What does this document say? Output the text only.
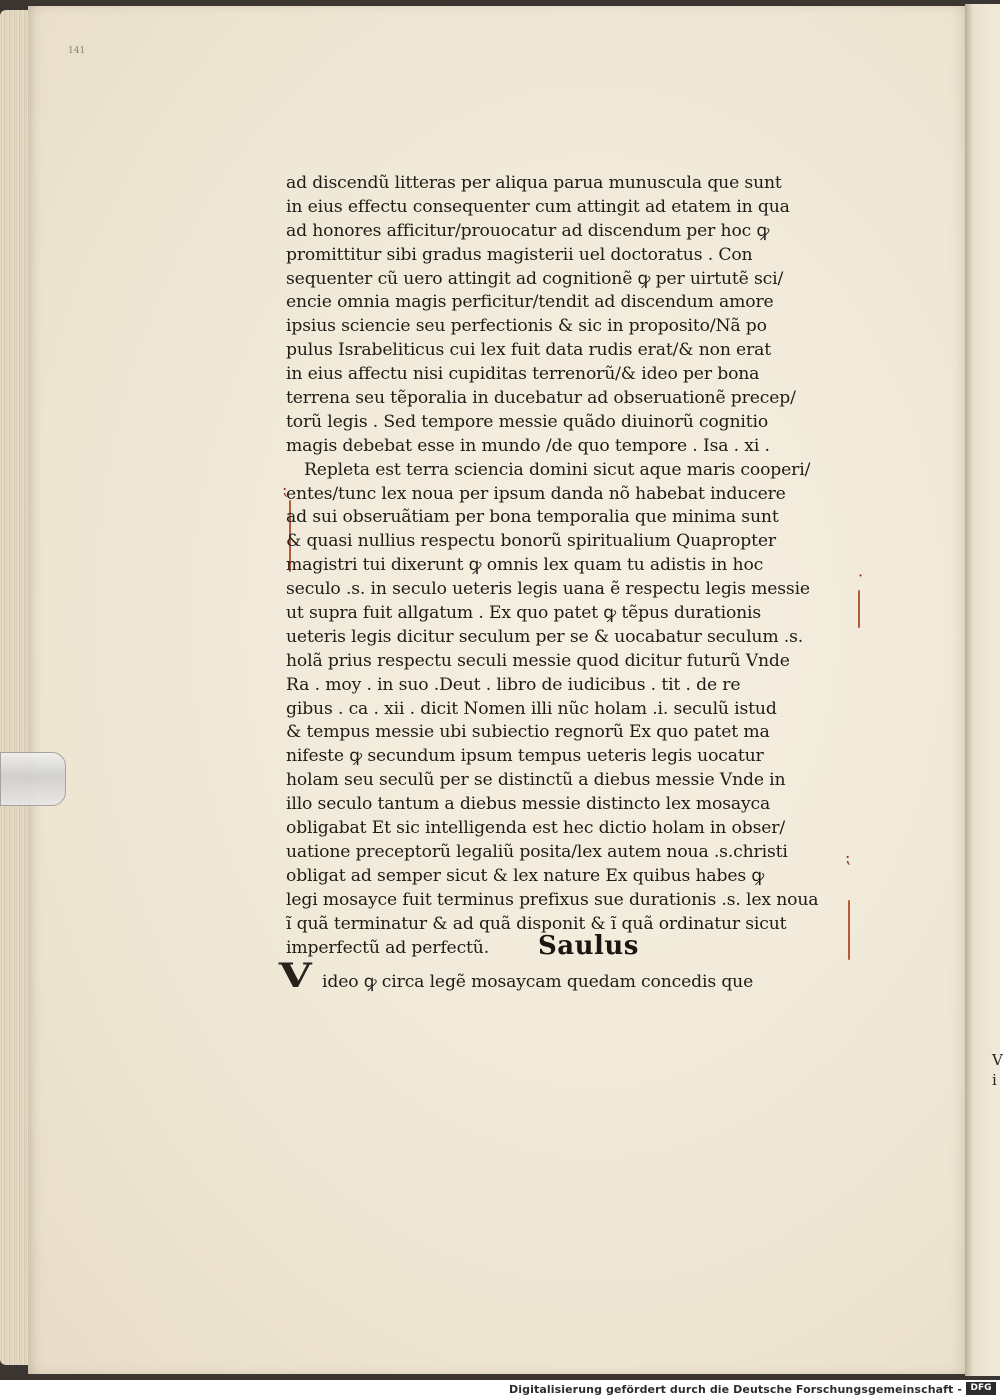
141
V
i
⁏
·
⁏
ad discendũ litteras per aliqua parua munuscula que sunt
in eius effectu consequenter cum attingit ad etatem in qua
ad honores afficitur/prouocatur ad discendum per hoc ꝙ
promittitur sibi gradus magisterii uel doctoratus . Con
sequenter cũ uero attingit ad cognitionẽ ꝙ per uirtutẽ sci/
encie omnia magis perficitur/tendit ad discendum amore
ipsius sciencie seu perfectionis & sic in proposito/Nã po
pulus Israbeliticus cui lex fuit data rudis erat/& non erat
in eius affectu nisi cupiditas terrenorũ/& ideo per bona
terrena seu tẽporalia in ducebatur ad obseruationẽ precep/
torũ legis . Sed tempore messie quãdo diuinorũ cognitio
magis debebat esse in mundo /de quo tempore . Isa . xi .
Repleta est terra sciencia domini sicut aque maris cooperi/
entes/tunc lex noua per ipsum danda nõ habebat inducere
ad sui obseruãtiam per bona temporalia que minima sunt
& quasi nullius respectu bonorũ spiritualium Quapropter
magistri tui dixerunt ꝙ omnis lex quam tu adistis in hoc
seculo .s. in seculo ueteris legis uana ẽ respectu legis messie
ut supra fuit allgatum . Ex quo patet ꝙ tẽpus durationis
ueteris legis dicitur seculum per se & uocabatur seculum .s.
holã prius respectu seculi messie quod dicitur futurũ Vnde
Ra . moy . in suo .Deut . libro de iudicibus . tit . de re
gibus . ca . xii . dicit Nomen illi nũc holam .i. seculũ istud
& tempus messie ubi subiectio regnorũ Ex quo patet ma
nifeste ꝙ secundum ipsum tempus ueteris legis uocatur
holam seu seculũ per se distinctũ a diebus messie Vnde in
illo seculo tantum a diebus messie distincto lex mosayca
obligabat Et sic intelligenda est hec dictio holam in obser/
uatione preceptorũ legaliũ posita/lex autem noua .s.christi
obligat ad semper sicut & lex nature Ex quibus habes ꝙ
legi mosayce fuit terminus prefixus sue durationis .s. lex noua
ĩ quã terminatur & ad quã disponit & ĩ quã ordinatur sicut
imperfectũ ad perfectũ. Saulus
V ideo ꝙ circa legẽ mosaycam quedam concedis que
Digitalisierung gefördert durch die Deutsche Forschungsgemeinschaft - DFG
